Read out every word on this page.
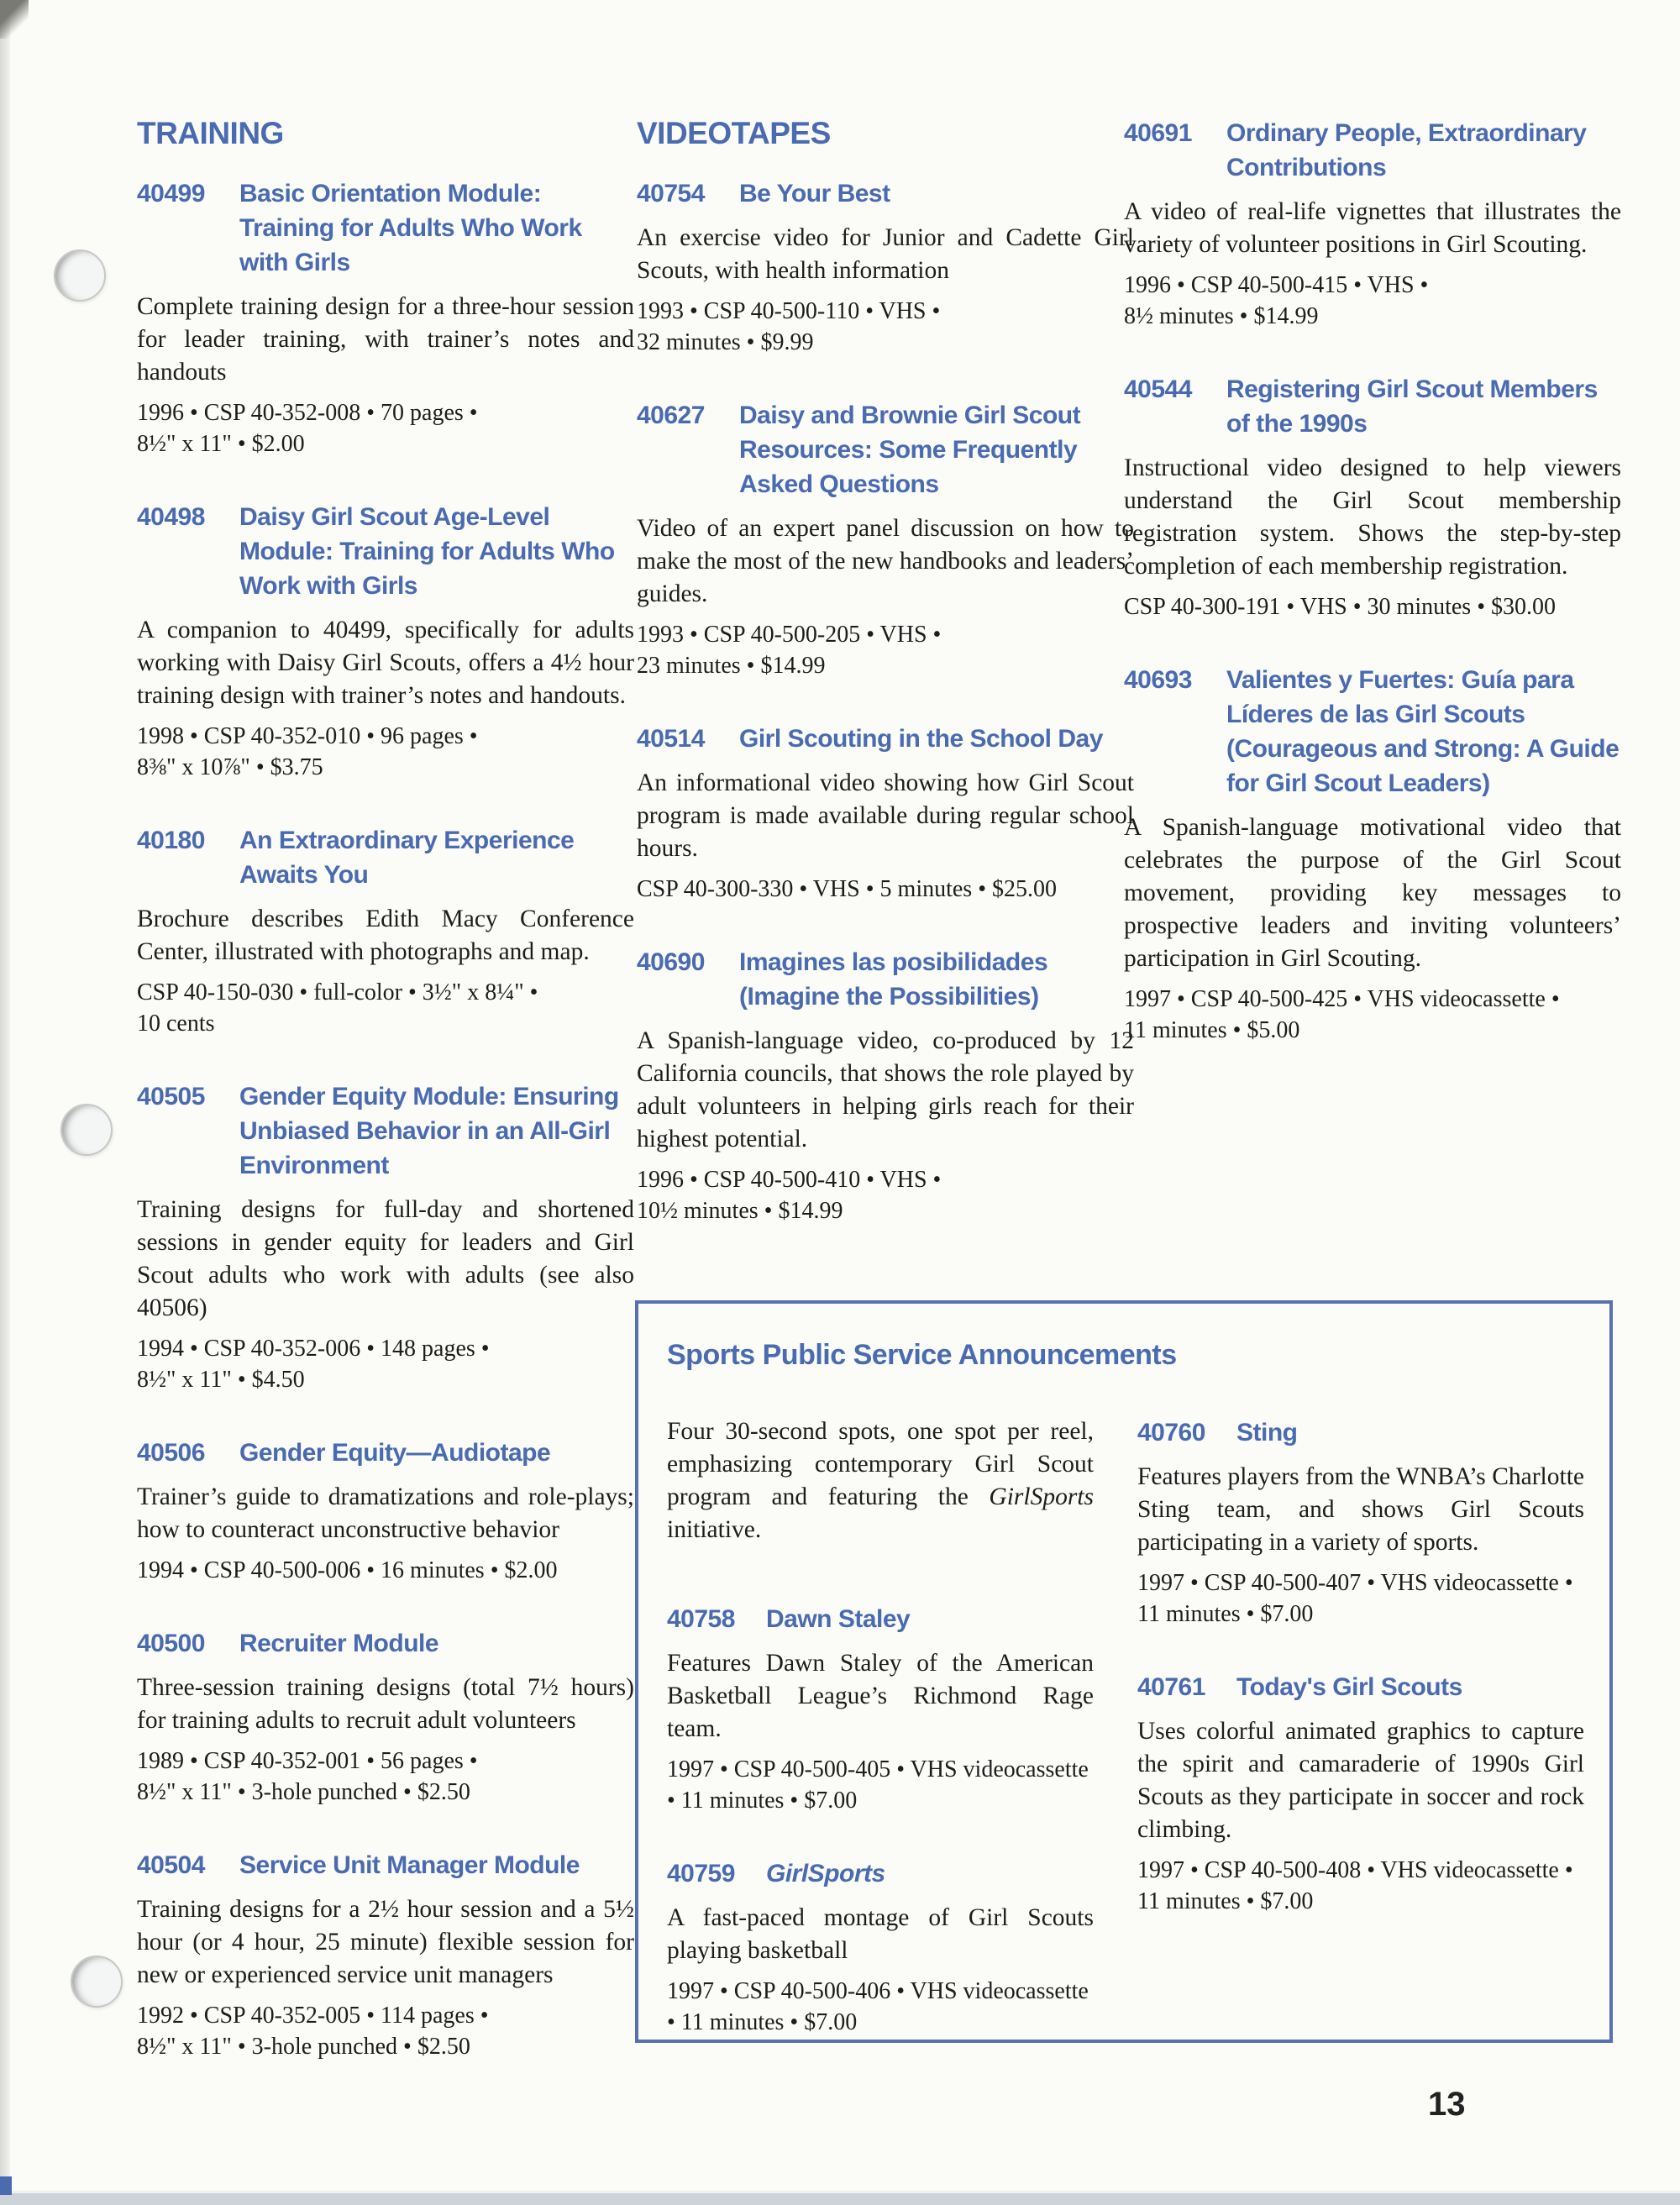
TRAINING
40499	Basic Orientation Module: Training for Adults Who Work with Girls

Complete training design for a three-hour session for leader training, with trainer’s notes and handouts

1996 • CSP 40-352-008 • 70 pages •
8½" x 11" • $2.00
40498	Daisy Girl Scout Age-Level Module: Training for Adults Who Work with Girls

A companion to 40499, specifically for adults working with Daisy Girl Scouts, offers a 4½ hour training design with trainer’s notes and handouts.

1998 • CSP 40-352-010 • 96 pages •
8⅜" x 10⅞" • $3.75
40180	An Extraordinary Experience Awaits You

Brochure describes Edith Macy Conference Center, illustrated with photographs and map.

CSP 40-150-030 • full-color • 3½" x 8¼" •
10 cents
40505	Gender Equity Module: Ensuring Unbiased Behavior in an All-Girl Environment

Training designs for full-day and shortened sessions in gender equity for leaders and Girl Scout adults who work with adults (see also 40506)

1994 • CSP 40-352-006 • 148 pages •
8½" x 11" • $4.50
40506	Gender Equity—Audiotape

Trainer’s guide to dramatizations and role-plays; how to counteract unconstructive behavior

1994 • CSP 40-500-006 • 16 minutes • $2.00
40500	Recruiter Module

Three-session training designs (total 7½ hours) for training adults to recruit adult volunteers

1989 • CSP 40-352-001 • 56 pages •
8½" x 11" • 3-hole punched • $2.50
40504	Service Unit Manager Module

Training designs for a 2½ hour session and a 5½ hour (or 4 hour, 25 minute) flexible session for new or experienced service unit managers

1992 • CSP 40-352-005 • 114 pages •
8½" x 11" • 3-hole punched • $2.50
VIDEOTAPES
40754	Be Your Best

An exercise video for Junior and Cadette Girl Scouts, with health information

1993 • CSP 40-500-110 • VHS •
32 minutes • $9.99
40627	Daisy and Brownie Girl Scout Resources: Some Frequently Asked Questions

Video of an expert panel discussion on how to make the most of the new handbooks and leaders’ guides.

1993 • CSP 40-500-205 • VHS •
23 minutes • $14.99
40514	Girl Scouting in the School Day

An informational video showing how Girl Scout program is made available during regular school hours.

CSP 40-300-330 • VHS • 5 minutes • $25.00
40690	Imagines las posibilidades (Imagine the Possibilities)

A Spanish-language video, co-produced by 12 California councils, that shows the role played by adult volunteers in helping girls reach for their highest potential.

1996 • CSP 40-500-410 • VHS •
10½ minutes • $14.99
40691	Ordinary People, Extraordinary Contributions

A video of real-life vignettes that illustrates the variety of volunteer positions in Girl Scouting.

1996 • CSP 40-500-415 • VHS •
8½ minutes • $14.99
40544	Registering Girl Scout Members of the 1990s

Instructional video designed to help viewers understand the Girl Scout membership registration system. Shows the step-by-step completion of each membership registration.

CSP 40-300-191 • VHS • 30 minutes • $30.00
40693	Valientes y Fuertes: Guía para Líderes de las Girl Scouts (Courageous and Strong: A Guide for Girl Scout Leaders)

A Spanish-language motivational video that celebrates the purpose of the Girl Scout movement, providing key messages to prospective leaders and inviting volunteers’ participation in Girl Scouting.

1997 • CSP 40-500-425 • VHS videocassette •
11 minutes • $5.00
Sports Public Service Announcements

Four 30-second spots, one spot per reel, emphasizing contemporary Girl Scout program and featuring the GirlSports initiative.

40758	Dawn Staley

Features Dawn Staley of the American Basketball League’s Richmond Rage team.

1997 • CSP 40-500-405 • VHS videocassette
• 11 minutes • $7.00
40759	GirlSports

A fast-paced montage of Girl Scouts playing basketball

1997 • CSP 40-500-406 • VHS videocassette
• 11 minutes • $7.00
40760	Sting

Features players from the WNBA’s Charlotte Sting team, and shows Girl Scouts participating in a variety of sports.

1997 • CSP 40-500-407 • VHS videocassette •
11 minutes • $7.00
40761	Today's Girl Scouts

Uses colorful animated graphics to capture the spirit and camaraderie of 1990s Girl Scouts as they participate in soccer and rock climbing.

1997 • CSP 40-500-408 • VHS videocassette •
11 minutes • $7.00
13
